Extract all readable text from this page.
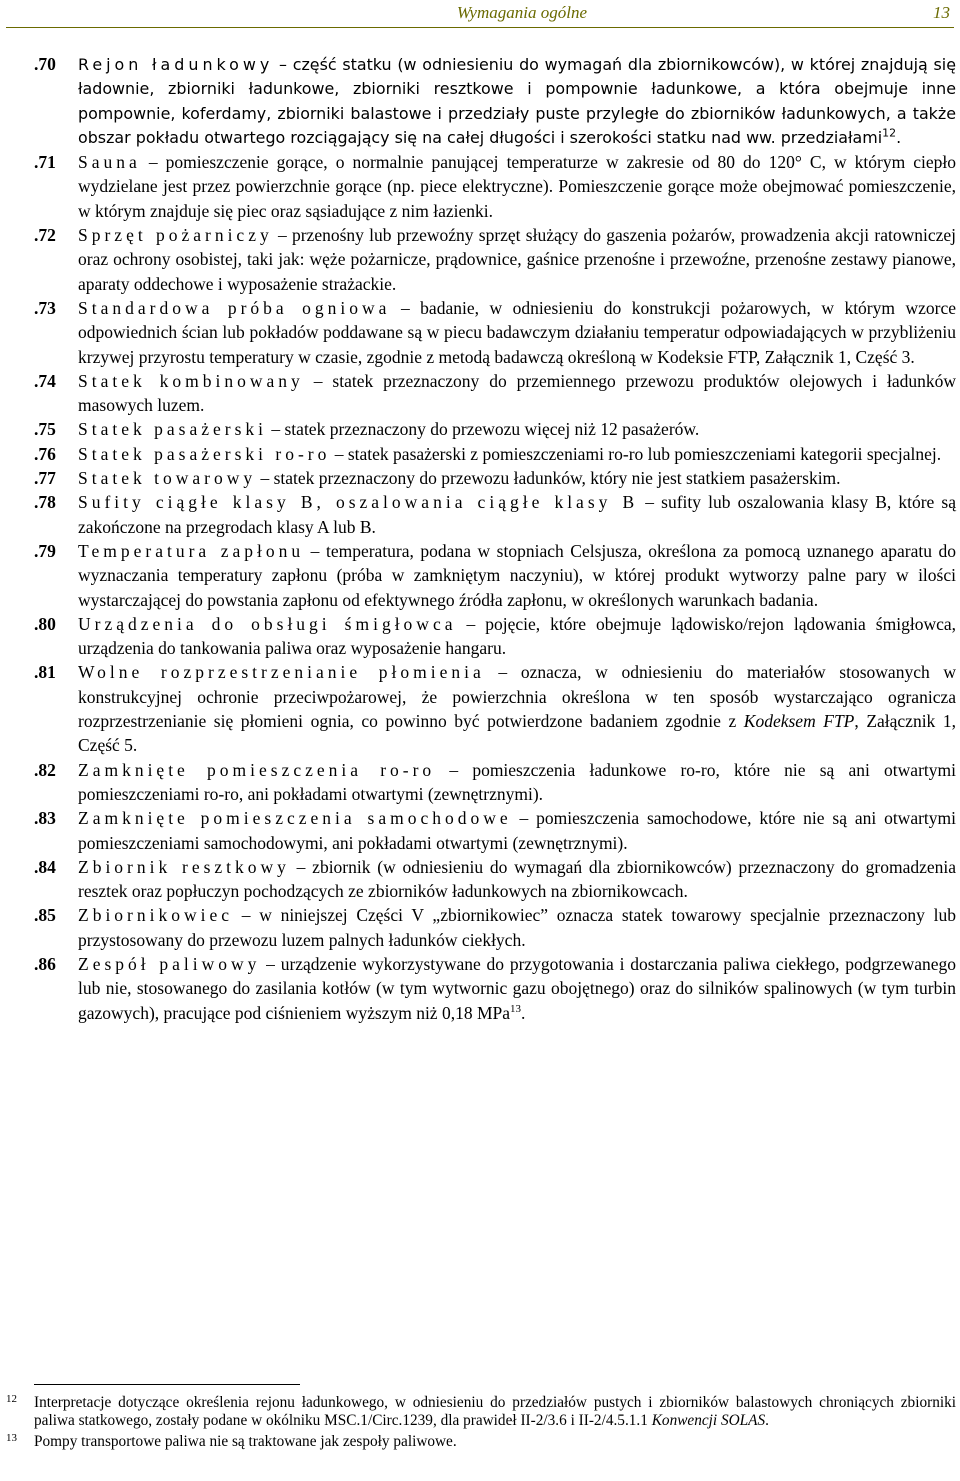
Wymagania ogólne	13

.70 Rejon ładunkowy – część statku (w odniesieniu do wymagań dla zbiornikowców), w której znajdują się ładownie, zbiorniki ładunkowe, zbiorniki resztkowe i pompownie ładunkowe, a która obejmuje inne pompownie, koferdamy, zbiorniki balastowe i przedziały puste przyległe do zbiorników ładunkowych, a także obszar pokładu otwartego rozciągający się na całej długości i szerokości statku nad ww. przedziałami$^{12}$.

.71 Sauna – pomieszczenie gorące, o normalnie panującej temperaturze w zakresie od 80 do 120° C, w którym ciepło wydzielane jest przez powierzchnie gorące (np. piece elektryczne). Pomieszczenie gorące może obejmować pomieszczenie, w którym znajduje się piec oraz sąsiadujące z nim łazienki.

.72 Sprzęt pożarniczy – przenośny lub przewoźny sprzęt służący do gaszenia pożarów, prowadzenia akcji ratowniczej oraz ochrony osobistej, taki jak: węże pożarnicze, prądownice, gaśnice przenośne i przewoźne, przenośne zestawy pianowe, aparaty oddechowe i wyposażenie strażackie.

.73 Standardowa próba ogniowa – badanie, w odniesieniu do konstrukcji pożarowych, w którym wzorce odpowiednich ścian lub pokładów poddawane są w piecu badawczym działaniu temperatur odpowiadających w przybliżeniu krzywej przyrostu temperatury w czasie, zgodnie z metodą badawczą określoną w Kodeksie FTP, Załącznik 1, Część 3.

.74 Statek kombinowany – statek przeznaczony do przemiennego przewozu produktów olejowych i ładunków masowych luzem.

.75 Statek pasażerski – statek przeznaczony do przewozu więcej niż 12 pasażerów.

.76 Statek pasażerski ro-ro – statek pasażerski z pomieszczeniami ro-ro lub pomieszczeniami kategorii specjalnej.

.77 Statek towarowy – statek przeznaczony do przewozu ładunków, który nie jest statkiem pasażerskim.

.78 Sufity ciągłe klasy B, oszalowania ciągłe klasy B – sufity lub oszalowania klasy B, które są zakończone na przegrodach klasy A lub B.

.79 Temperatura zapłonu – temperatura, podana w stopniach Celsjusza, określona za pomocą uznanego aparatu do wyznaczania temperatury zapłonu (próba w zamkniętym naczyniu), w której produkt wytworzy palne pary w ilości wystarczającej do powstania zapłonu od efektywnego źródła zapłonu, w określonych warunkach badania.

.80 Urządzenia do obsługi śmigłowca – pojęcie, które obejmuje lądowisko/rejon lądowania śmigłowca, urządzenia do tankowania paliwa oraz wyposażenie hangaru.

.81 Wolne rozprzestrzenianie płomienia – oznacza, w odniesieniu do materiałów stosowanych w konstrukcyjnej ochronie przeciwpożarowej, że powierzchnia określona w ten sposób wystarczająco ogranicza rozprzestrzenianie się płomieni ognia, co powinno być potwierdzone badaniem zgodnie z Kodeksem FTP, Załącznik 1, Część 5.

.82 Zamknięte pomieszczenia ro-ro – pomieszczenia ładunkowe ro-ro, które nie są ani otwartymi pomieszczeniami ro-ro, ani pokładami otwartymi (zewnętrznymi).

.83 Zamknięte pomieszczenia samochodowe – pomieszczenia samochodowe, które nie są ani otwartymi pomieszczeniami samochodowymi, ani pokładami otwartymi (zewnętrznymi).

.84 Zbiornik resztkowy – zbiornik (w odniesieniu do wymagań dla zbiornikowców) przeznaczony do gromadzenia resztek oraz popłuczyn pochodzących ze zbiorników ładunkowych na zbiornikowcach.

.85 Zbiornikowiec – w niniejszej Części V „zbiornikowiec” oznacza statek towarowy specjalnie przeznaczony lub przystosowany do przewozu luzem palnych ładunków ciekłych.

.86 Zespół paliwowy – urządzenie wykorzystywane do przygotowania i dostarczania paliwa ciekłego, podgrzewanego lub nie, stosowanego do zasilania kotłów (w tym wytwornic gazu obojętnego) oraz do silników spalinowych (w tym turbin gazowych), pracujące pod ciśnieniem wyższym niż 0,18 MPa$^{13}$.

12 Interpretacje dotyczące określenia rejonu ładunkowego, w odniesieniu do przedziałów pustych i zbiorników balastowych chroniących zbiorniki paliwa statkowego, zostały podane w okólniku MSC.1/Circ.1239, dla prawideł II-2/3.6 i II-2/4.5.1.1 Konwencji SOLAS.

13 Pompy transportowe paliwa nie są traktowane jak zespoły paliwowe.
